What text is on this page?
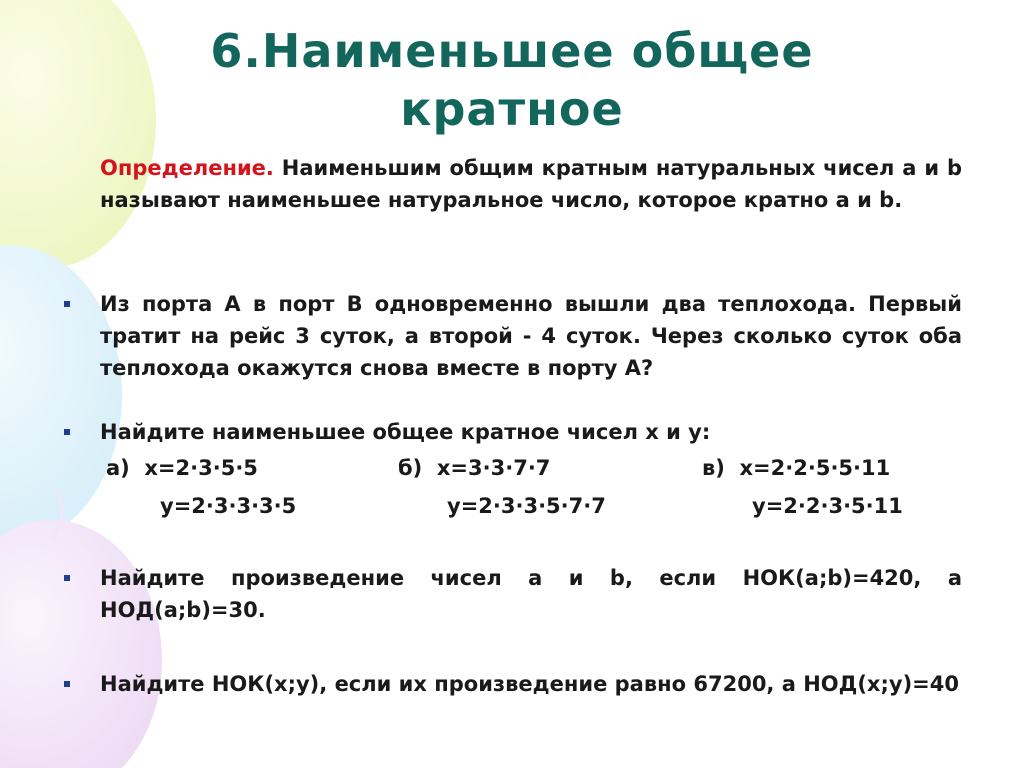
6.Наименьшее общее кратное
Определение. Наименьшим общим кратным натуральных чисел a и b называют наименьшее натуральное число, которое кратно a и b.
Из порта А в порт В одновременно вышли два теплохода. Первый тратит на рейс 3 суток, а второй - 4 суток. Через сколько суток оба теплохода окажутся снова вместе в порту А?
Найдите наименьшее общее кратное чисел х и у:
а)  х=2·3·5·5	б)  х=3·3·7·7	в)  х=2·2·5·5·11
у=2·3·3·3·5	у=2·3·3·5·7·7	у=2·2·3·5·11
Найдите произведение чисел a и b, если НОК(a;b)=420, а НОД(a;b)=30.
Найдите НОК(x;y), если их произведение равно 67200, а НОД(x;y)=40
